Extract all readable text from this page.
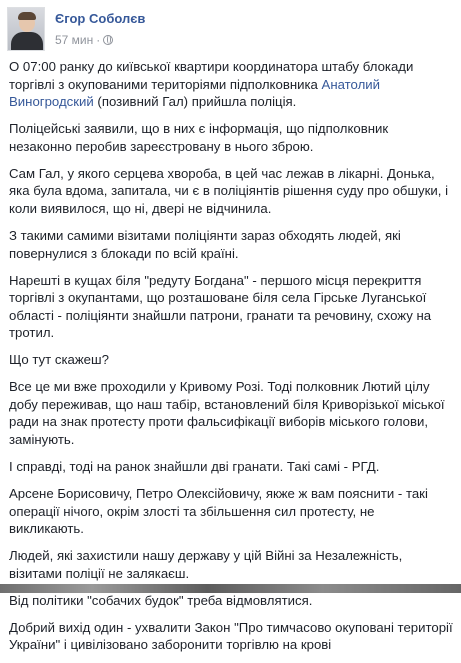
Єгор Соболєв
57 мин ·

О 07:00 ранку до київської квартири координатора штабу блокади торгівлі з окупованими територіями підполковника Анатолий Виногродский (позивний Гал) прийшла поліція.

Поліцейські заявили, що в них є інформація, що підполковник незаконно перобив зареєстровану в нього зброю.

Сам Гал, у якого серцева хвороба, в цей час лежав в лікарні. Донька, яка була вдома, запитала, чи є в поліціянтів рішення суду про обшуки, і коли виявилося, що ні, двері не відчинила.

З такими самими візитами поліціянти зараз обходять людей, які повернулися з блокади по всій країні.

Нарешті в кущах біля "редуту Богдана" - першого місця перекриття торгівлі з окупантами, що розташоване біля села Гірське Луганської області - поліціянти знайшли патрони, гранати та речовину, схожу на тротил.

Що тут скажеш?

Все це ми вже проходили у Кривому Розі. Тоді полковник Лютий цілу добу переживав, що наш табір, встановлений біля Криворізької міської ради на знак протесту проти фальсифікації виборів міського голови, замінують.

І справді, тоді на ранок знайшли дві гранати. Такі самі - РГД.

Арсене Борисовичу, Петро Олексійовичу, якже ж вам пояснити - такі операції нічого, окрім злості та збільшення сил протесту, не викликають.

Людей, які захистили нашу державу у цій Війні за Незалежність, візитами поліції не залякаєш.

Від політики "собачих будок" треба відмовлятися.

Добрий вихід один - ухвалити Закон "Про тимчасово окуповані території України" і цивілізовано заборонити торгівлю на крові
